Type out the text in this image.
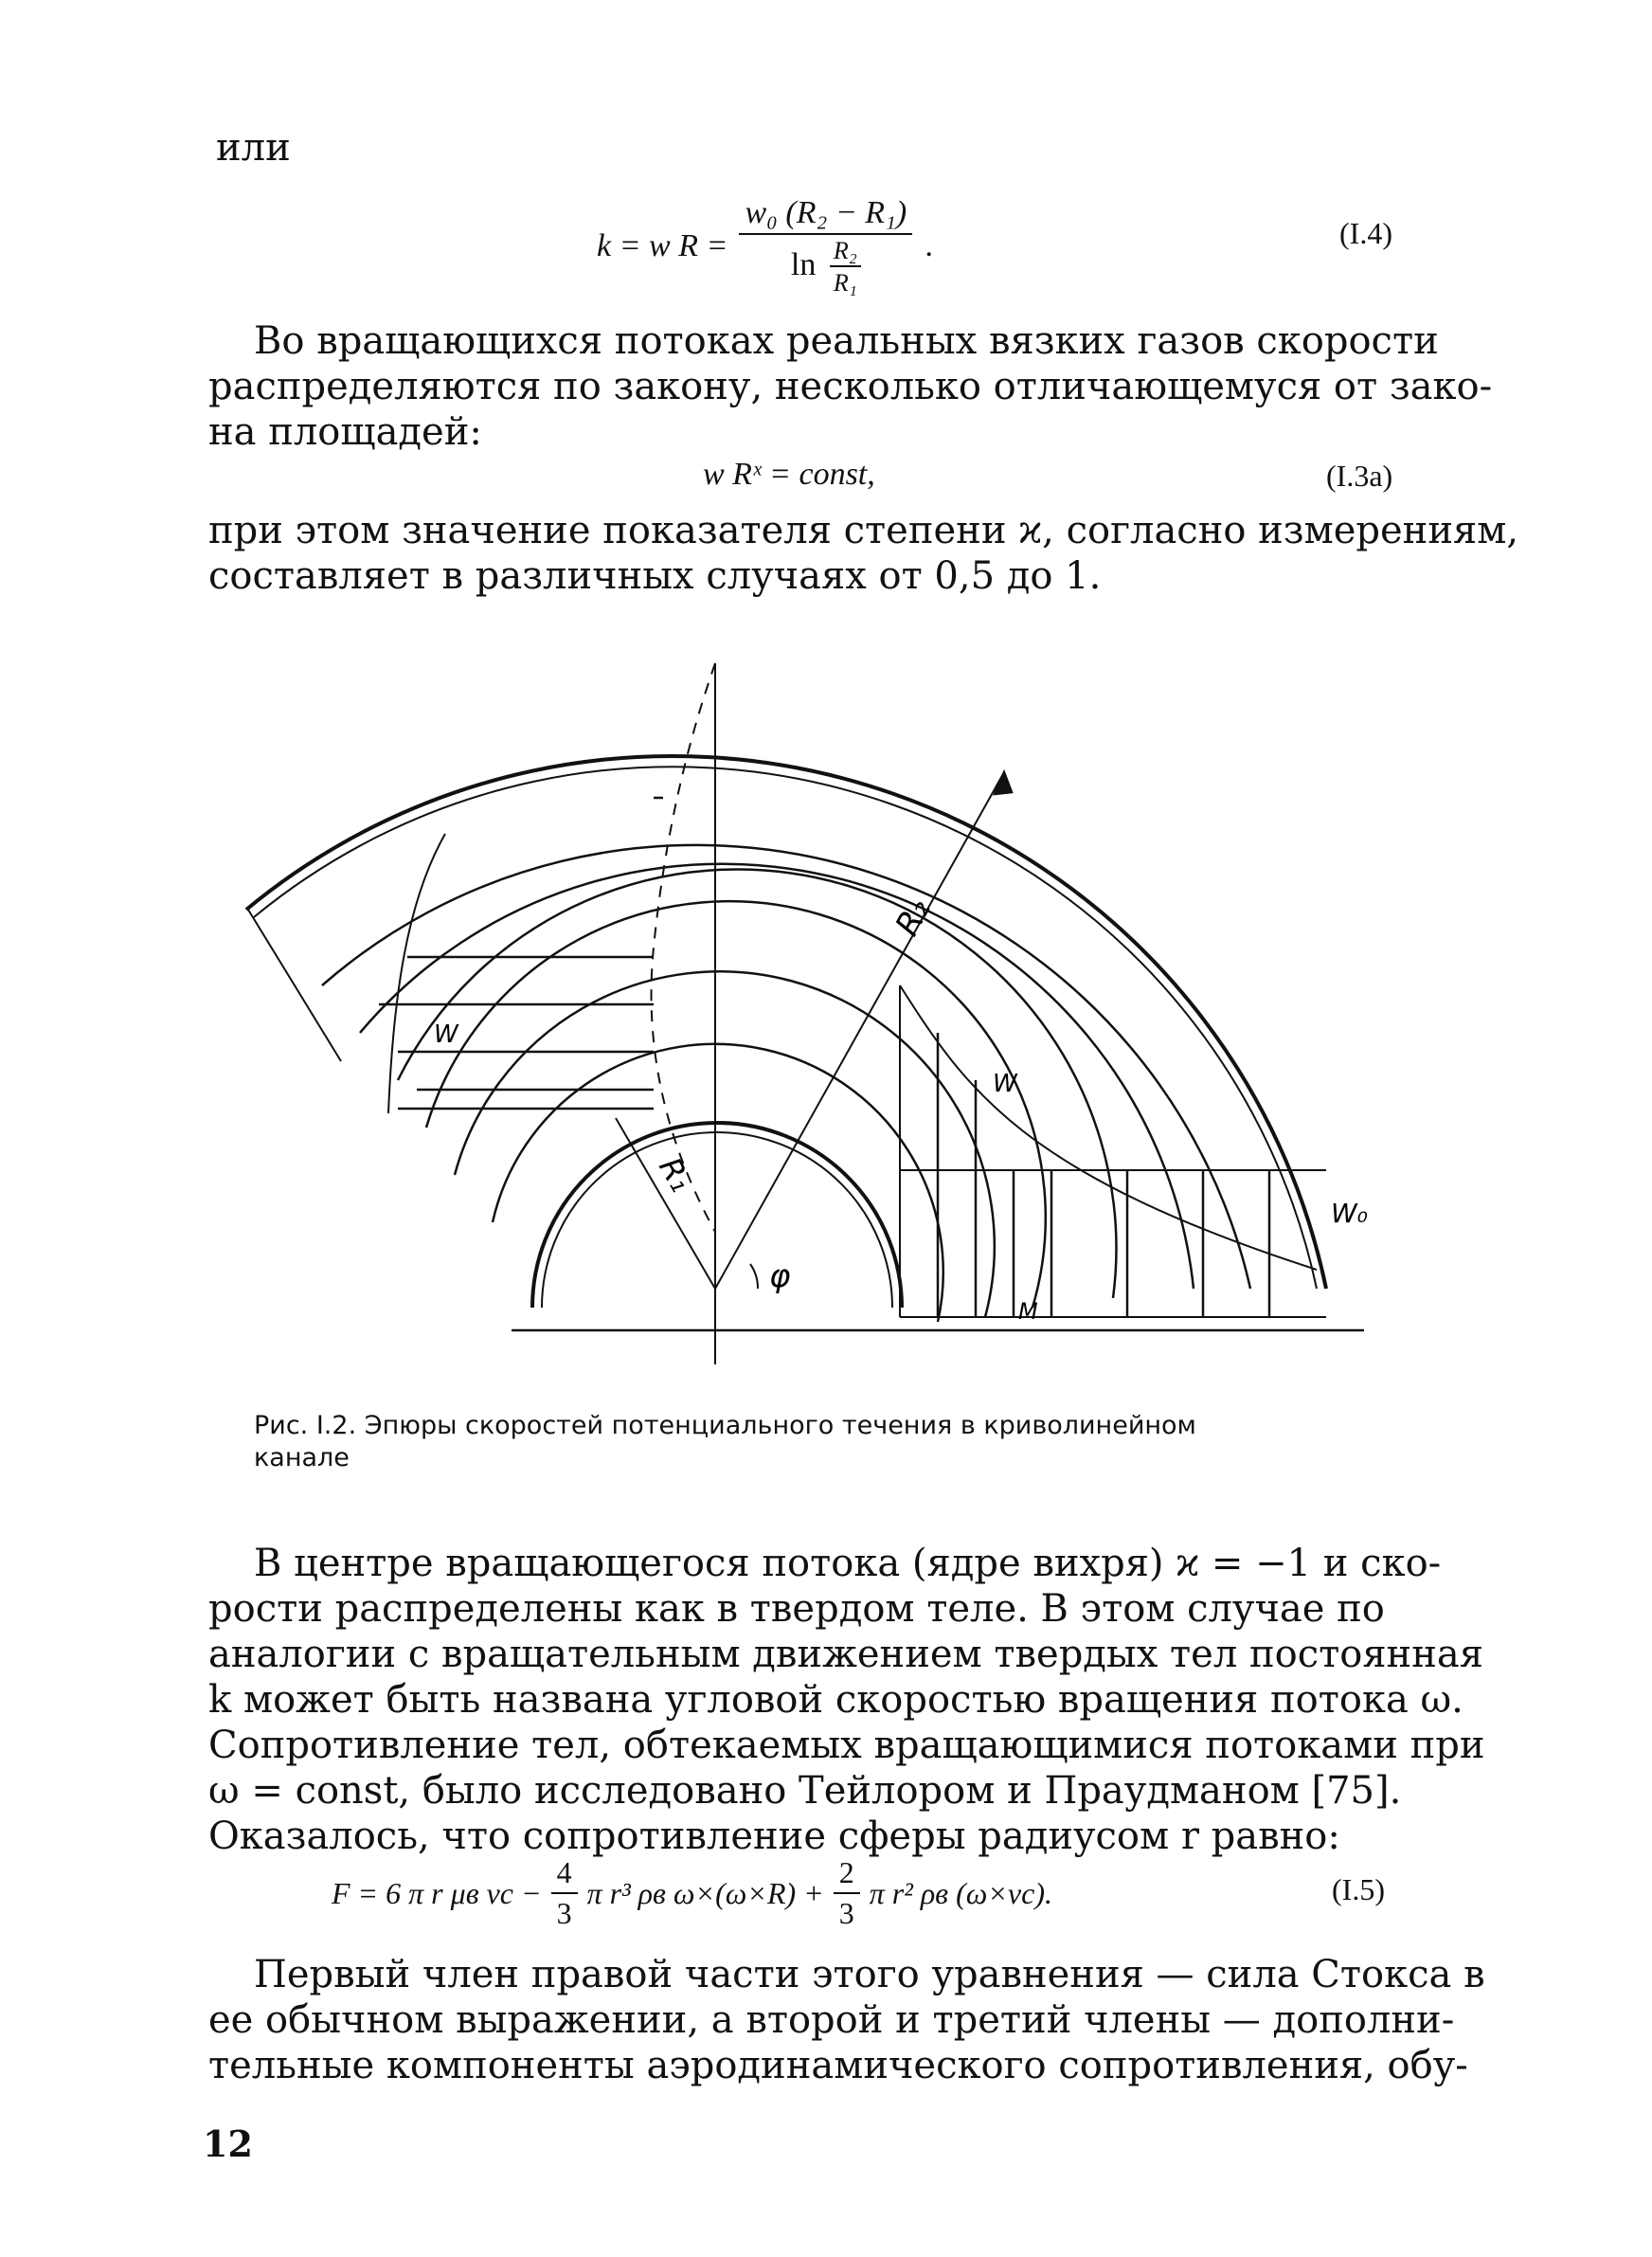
или
k = w $R = \frac{\text{w₀ (R₂ − R₁)}}{\ln \frac{\text{R₂}}{\text{R₁}}}$ .	(I.4)
Во вращающихся потоках реальных вязких газов скорости
распределяются по закону, несколько отличающемуся от зако-
на площадей:
w Rˣ = const,	(I.3a)
при этом значение показателя степени ϰ, согласно измерениям,
составляет в различных случаях от 0,5 до 1.
R₂
R₁
W
W
W₀
φ
M
Рис. I.2. Эпюры скоростей потенциального течения в криволинейном
канале
В центре вращающегося потока (ядре вихря) ϰ = −1 и ско-
рости распределены как в твердом теле. В этом случае по
аналогии с вращательным движением твердых тел постоянная
k может быть названа угловой скоростью вращения потока ω.
Сопротивление тел, обтекаемых вращающимися потоками при
ω = const, было исследовано Тейлором и Праудманом [75].
Оказалось, что сопротивление сферы радиусом r равно:
F = 6 π r μв vc − $\frac{4}{3}$ π r³ ρв $\omega\times(\omega\times R) + \frac{2}{3}$ π r² ρв (ω×vc).	(I.5)
Первый член правой части этого уравнения — сила Стокса в
ее обычном выражении, а второй и третий члены — дополни-
тельные компоненты аэродинамического сопротивления, обу-
12
